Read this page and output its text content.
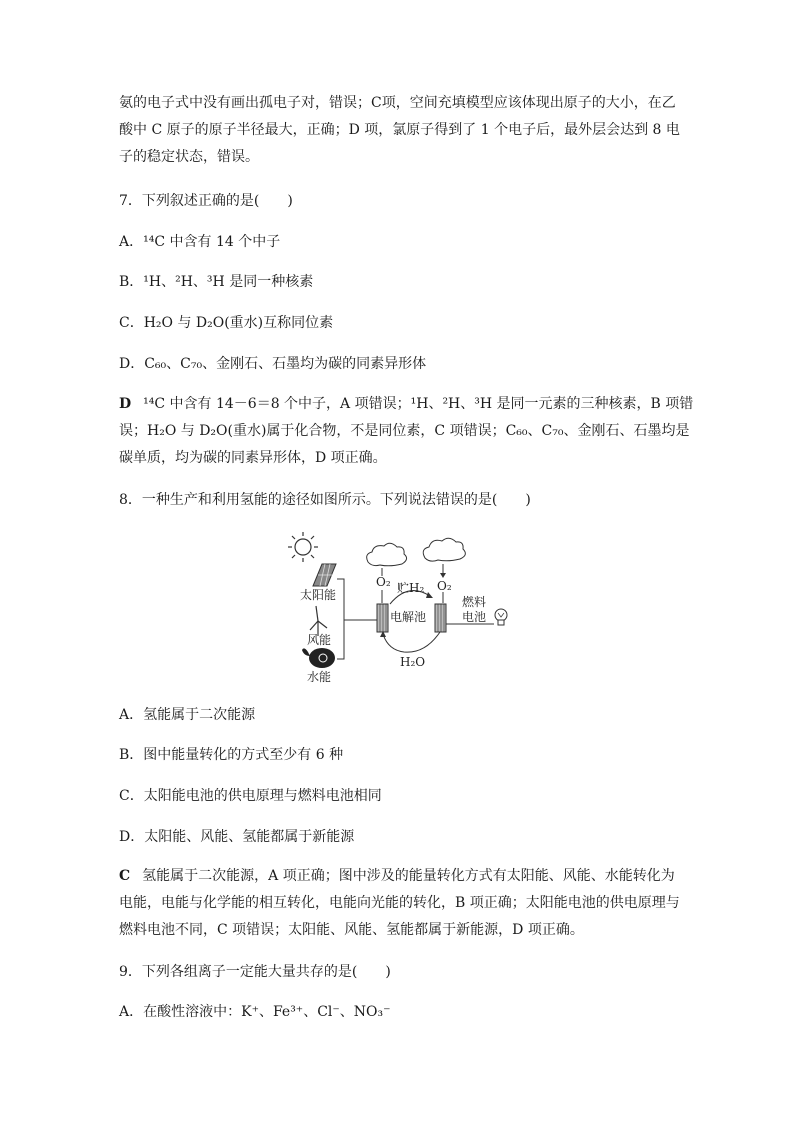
氨的电子式中没有画出孤电子对，错误；C项，空间充填模型应该体现出原子的大小，在乙
酸中 C 原子的原子半径最大，正确；D 项，氯原子得到了 1 个电子后，最外层会达到 8 电
子的稳定状态，错误。
7．下列叙述正确的是(　　)
A．¹⁴C 中含有 14 个中子
B．¹H、²H、³H 是同一种核素
C．H₂O 与 D₂O(重水)互称同位素
D．C₆₀、C₇₀、金刚石、石墨均为碳的同素异形体
D ¹⁴C 中含有 14－6＝8 个中子，A 项错误；¹H、²H、³H 是同一元素的三种核素，B 项错
误；H₂O 与 D₂O(重水)属于化合物，不是同位素，C 项错误；C₆₀、C₇₀、金刚石、石墨均是
碳单质，均为碳的同素异形体，D 项正确。
8．一种生产和利用氢能的途径如图所示。下列说法错误的是(　　)
太阳能
风能
水能
电解池
O₂	O₂
贮H₂
H₂O
燃料
电池
A．氢能属于二次能源
B．图中能量转化的方式至少有 6 种
C．太阳能电池的供电原理与燃料电池相同
D．太阳能、风能、氢能都属于新能源
C 氢能属于二次能源，A 项正确；图中涉及的能量转化方式有太阳能、风能、水能转化为
电能，电能与化学能的相互转化，电能向光能的转化，B 项正确；太阳能电池的供电原理与
燃料电池不同，C 项错误；太阳能、风能、氢能都属于新能源，D 项正确。
9．下列各组离子一定能大量共存的是(　　)
A．在酸性溶液中：K⁺、Fe³⁺、Cl⁻、NO₃⁻
